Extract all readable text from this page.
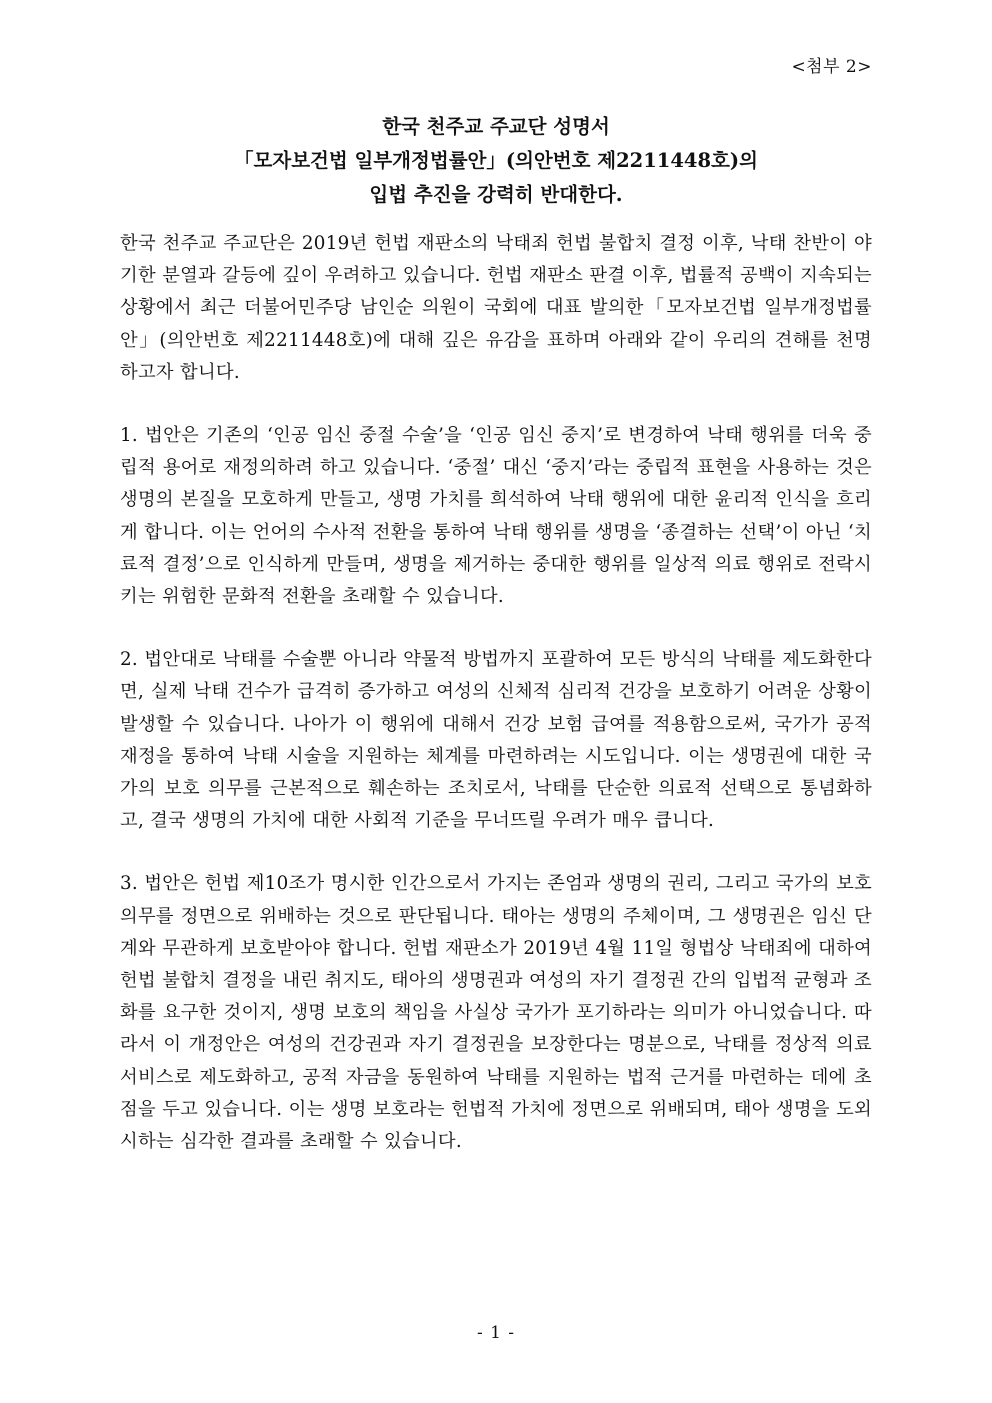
<첨부 2>
한국 천주교 주교단 성명서
「모자보건법 일부개정법률안」(의안번호 제2211448호)의
입법 추진을 강력히 반대한다.

한국 천주교 주교단은 2019년 헌법 재판소의 낙태죄 헌법 불합치 결정 이후, 낙태 찬반이 야기한 분열과 갈등에 깊이 우려하고 있습니다. 헌법 재판소 판결 이후, 법률적 공백이 지속되는 상황에서 최근 더불어민주당 남인순 의원이 국회에 대표 발의한「모자보건법 일부개정법률안」(의안번호 제2211448호)에 대해 깊은 유감을 표하며 아래와 같이 우리의 견해를 천명하고자 합니다.

1. 법안은 기존의 ‘인공 임신 중절 수술’을 ‘인공 임신 중지’로 변경하여 낙태 행위를 더욱 중립적 용어로 재정의하려 하고 있습니다. ‘중절’ 대신 ‘중지’라는 중립적 표현을 사용하는 것은 생명의 본질을 모호하게 만들고, 생명 가치를 희석하여 낙태 행위에 대한 윤리적 인식을 흐리게 합니다. 이는 언어의 수사적 전환을 통하여 낙태 행위를 생명을 ‘종결하는 선택’이 아닌 ‘치료적 결정’으로 인식하게 만들며, 생명을 제거하는 중대한 행위를 일상적 의료 행위로 전락시키는 위험한 문화적 전환을 초래할 수 있습니다.

2. 법안대로 낙태를 수술뿐 아니라 약물적 방법까지 포괄하여 모든 방식의 낙태를 제도화한다면, 실제 낙태 건수가 급격히 증가하고 여성의 신체적 심리적 건강을 보호하기 어려운 상황이 발생할 수 있습니다. 나아가 이 행위에 대해서 건강 보험 급여를 적용함으로써, 국가가 공적 재정을 통하여 낙태 시술을 지원하는 체계를 마련하려는 시도입니다. 이는 생명권에 대한 국가의 보호 의무를 근본적으로 훼손하는 조치로서, 낙태를 단순한 의료적 선택으로 통념화하고, 결국 생명의 가치에 대한 사회적 기준을 무너뜨릴 우려가 매우 큽니다.

3. 법안은 헌법 제10조가 명시한 인간으로서 가지는 존엄과 생명의 권리, 그리고 국가의 보호 의무를 정면으로 위배하는 것으로 판단됩니다. 태아는 생명의 주체이며, 그 생명권은 임신 단계와 무관하게 보호받아야 합니다. 헌법 재판소가 2019년 4월 11일 형법상 낙태죄에 대하여 헌법 불합치 결정을 내린 취지도, 태아의 생명권과 여성의 자기 결정권 간의 입법적 균형과 조화를 요구한 것이지, 생명 보호의 책임을 사실상 국가가 포기하라는 의미가 아니었습니다. 따라서 이 개정안은 여성의 건강권과 자기 결정권을 보장한다는 명분으로, 낙태를 정상적 의료 서비스로 제도화하고, 공적 자금을 동원하여 낙태를 지원하는 법적 근거를 마련하는 데에 초점을 두고 있습니다. 이는 생명 보호라는 헌법적 가치에 정면으로 위배되며, 태아 생명을 도외시하는 심각한 결과를 초래할 수 있습니다.

- 1 -
